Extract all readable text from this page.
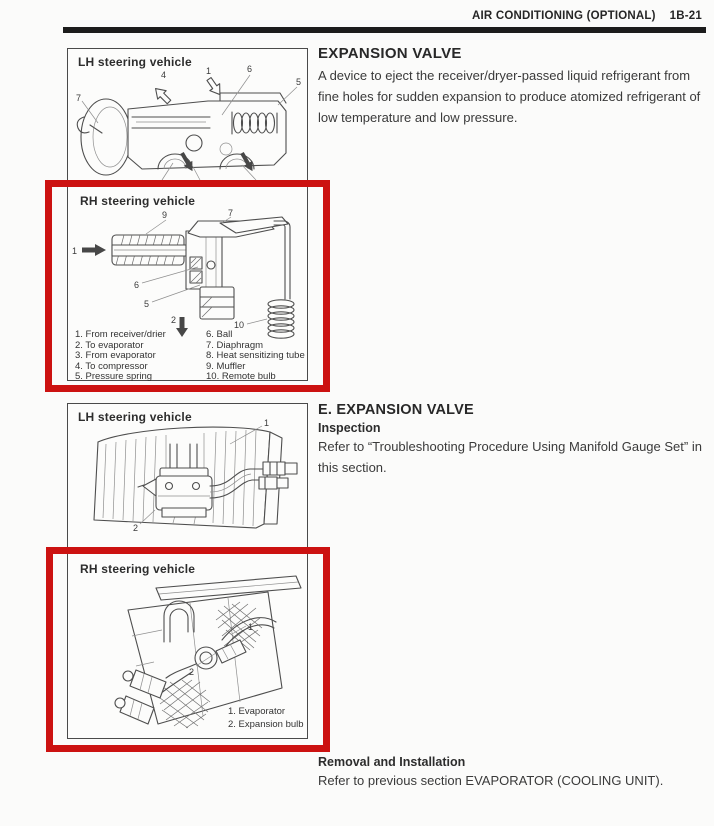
AIR CONDITIONING (OPTIONAL) 1B-21
LH steering vehicle
7
4	1	6
5
8	2	3
RH steering vehicle
9	7
1
6
5
2	10
1. From receiver/drier
2. To evaporator
3. From evaporator
4. To compressor
5. Pressure spring
6. Ball
7. Diaphragm
8. Heat sensitizing tube
9. Muffler
10. Remote bulb
LH steering vehicle	1
2
RH steering vehicle
1
2
1. Evaporator
2. Expansion bulb
EXPANSION VALVE
A device to eject the receiver/dryer-passed liquid refrigerant from fine holes for sudden expansion to produce atomized refrigerant of low temperature and low pressure.
E. EXPANSION VALVE
Inspection
Refer to “Troubleshooting Procedure Using Manifold Gauge Set” in this section.
Removal and Installation
Refer to previous section EVAPORATOR (COOLING UNIT).
